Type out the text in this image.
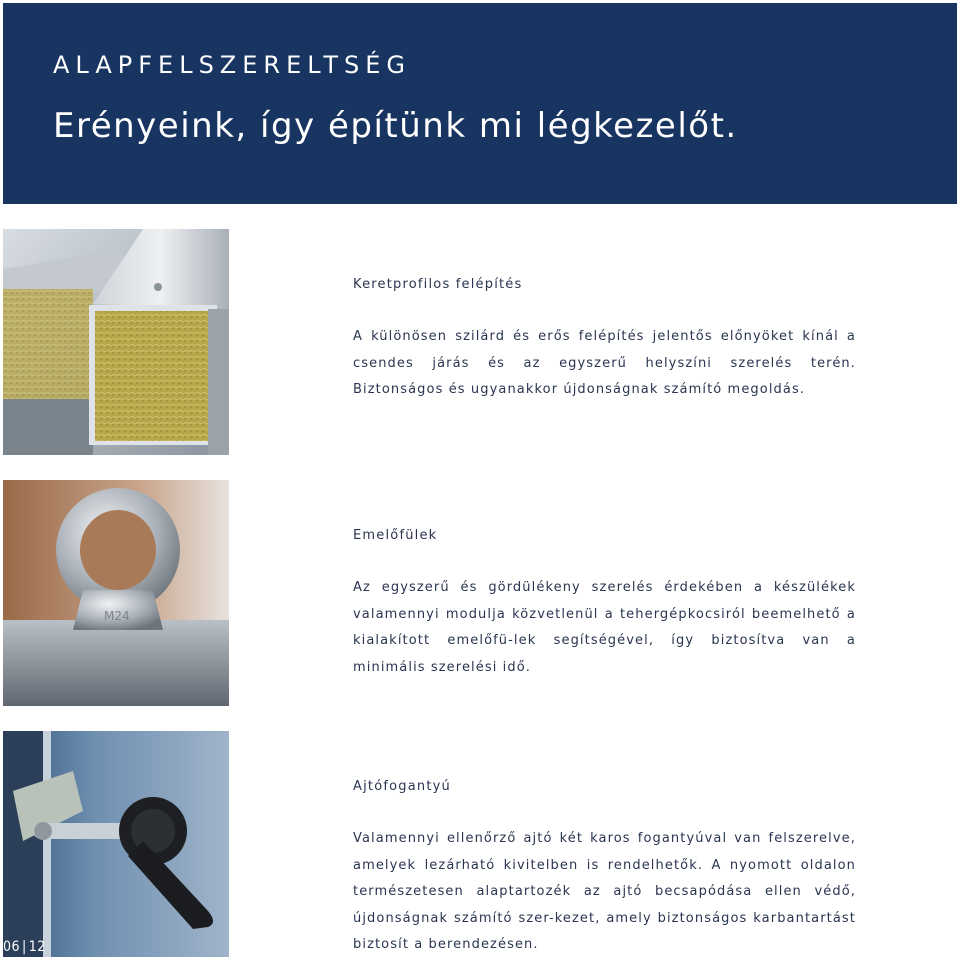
ALAPFELSZERELTSÉG
Erényeink, így építünk mi légkezelőt.
Keretprofilos felépítés

A különösen szilárd és erős felépítés jelentős előnyöket kínál a csendes járás és az egyszerű helyszíni szerelés terén. Biztonságos és ugyanakkor újdonságnak számító megoldás.

M24
Emelőfülek

Az egyszerű és gördülékeny szerelés érdekében a készülékek valamennyi modulja közvetlenül a tehergépkocsiról beemelhető a kialakított emelőfü-lek segítségével, így biztosítva van a minimális szerelési idő.

Ajtófogantyú

Valamennyi ellenőrző ajtó két karos fogantyúval van felszerelve, amelyek lezárható kivitelben is rendelhetők. A nyomott oldalon természetesen alaptartozék az ajtó becsapódása ellen védő, újdonságnak számító szer-kezet, amely biztonságos karbantartást biztosít a berendezésen.

06 | 12
